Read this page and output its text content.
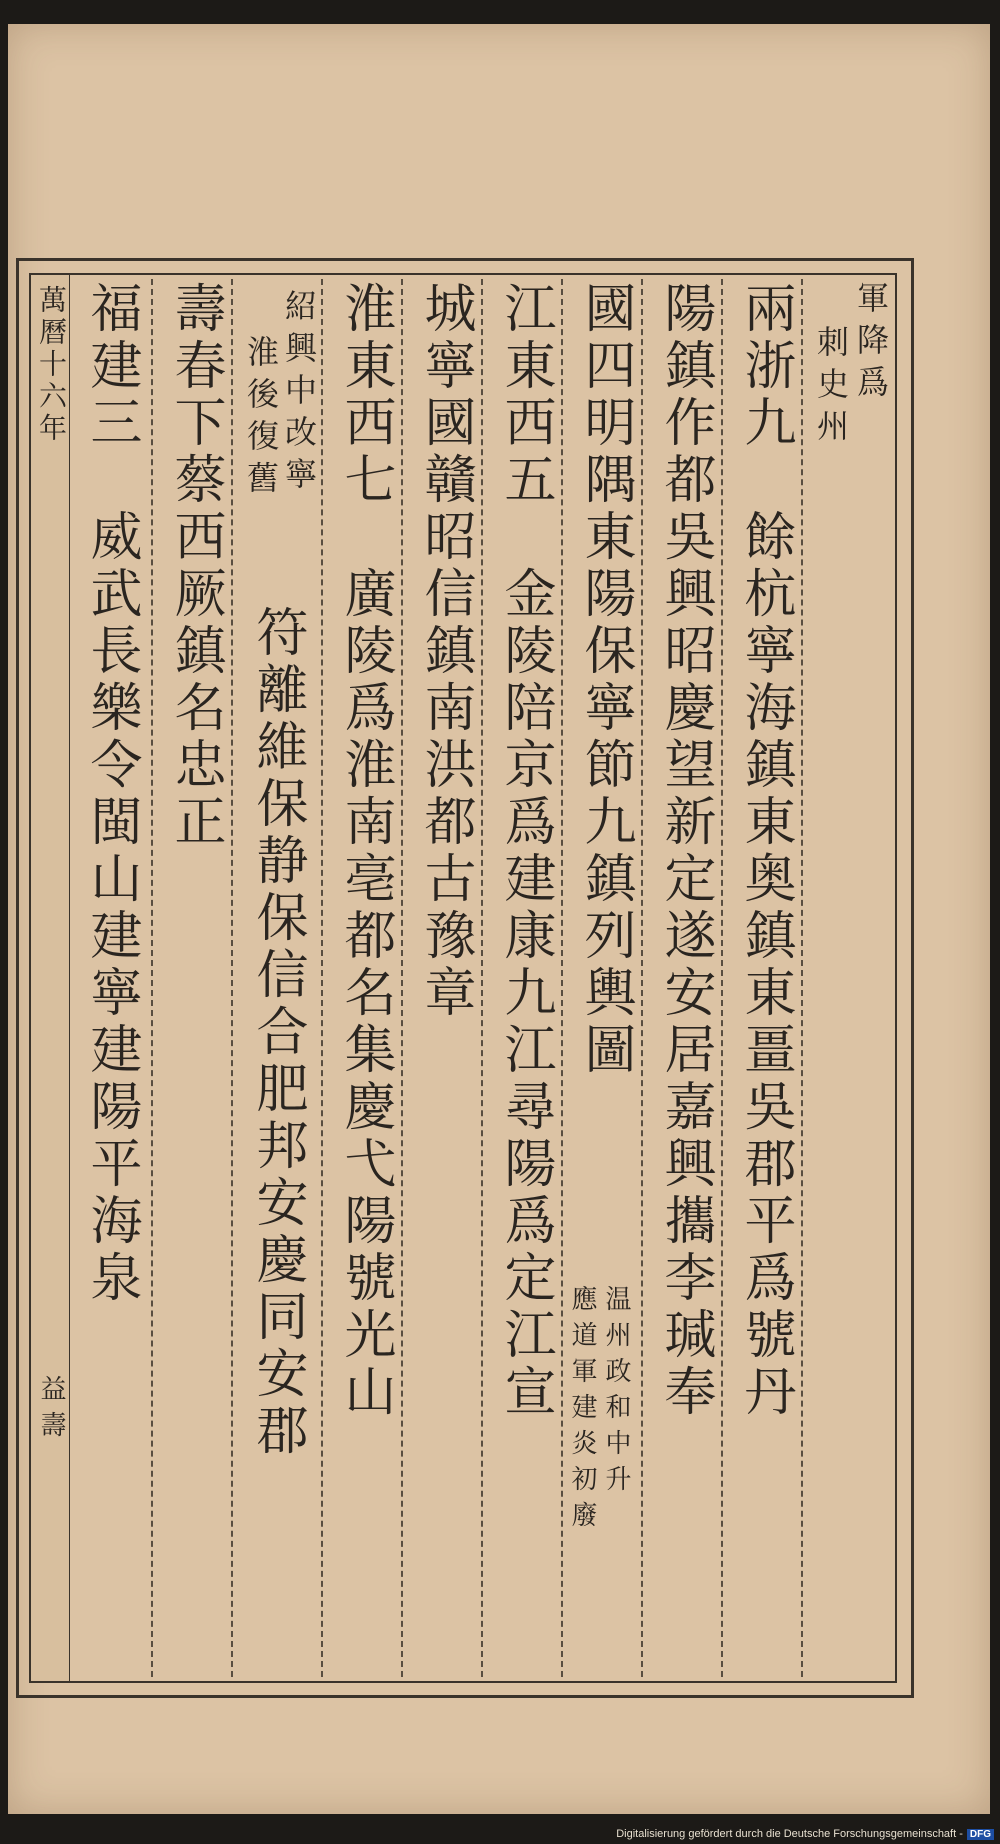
萬曆十六年
益壽
軍降爲
刺史州
兩浙九　餘杭寧海鎮東奥鎮東畺吳郡平爲號丹
陽鎮作都吳興昭慶望新定遂安居嘉興攜李瑊奉
國四明隅東陽保寧節九鎮列輿圖
温州政和中升
應道軍建炎初廢
江東西五　金陵陪京爲建康九江尋陽爲定江宣
城寧國贛昭信鎮南洪都古豫章
淮東西七　廣陵爲淮南亳都名集慶弋陽號光山
紹興中改寧
淮後復舊
符離維保静保信合肥邦安慶同安郡
壽春下蔡西厥鎮名忠正
福建三　威武長樂令閩山建寧建陽平海泉
Digitalisierung gefördert durch die Deutsche Forschungsgemeinschaft - DFG
